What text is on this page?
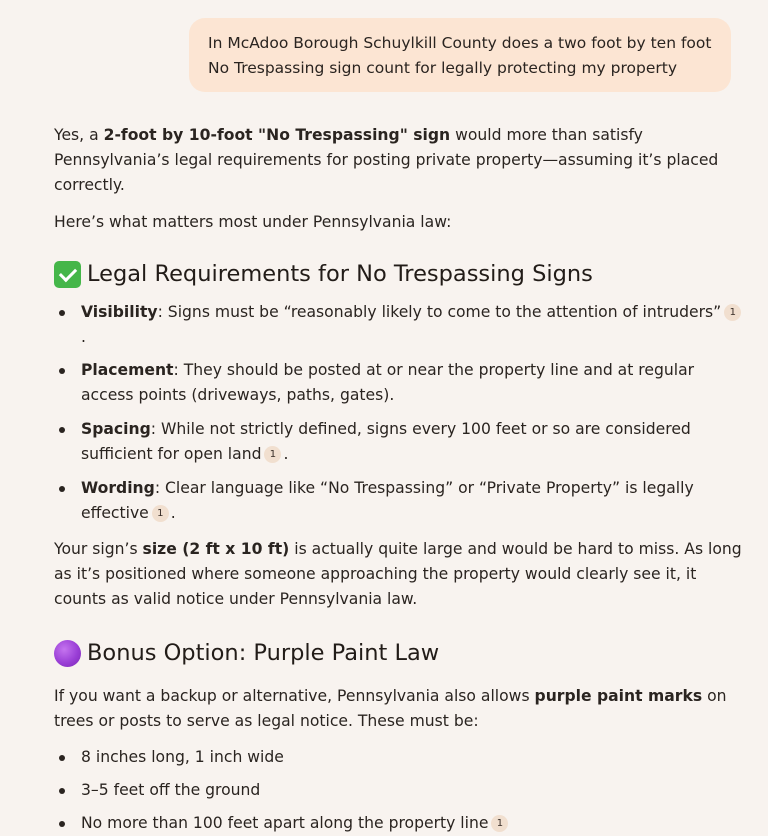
In McAdoo Borough Schuylkill County does a two foot by ten foot
No Trespassing sign count for legally protecting my property

Yes, a 2-foot by 10-foot "No Trespassing" sign would more than satisfy Pennsylvania’s legal requirements for posting private property—assuming it’s placed correctly.

Here’s what matters most under Pennsylvania law:

Legal Requirements for No Trespassing Signs
Visibility: Signs must be “reasonably likely to come to the attention of intruders” 1.
Placement: They should be posted at or near the property line and at regular access points (driveways, paths, gates).
Spacing: While not strictly defined, signs every 100 feet or so are considered sufficient for open land 1 .
Wording: Clear language like “No Trespassing” or “Private Property” is legally effective 1 .

Your sign’s size (2 ft x 10 ft) is actually quite large and would be hard to miss. As long as it’s positioned where someone approaching the property would clearly see it, it counts as valid notice under Pennsylvania law.

Bonus Option: Purple Paint Law

If you want a backup or alternative, Pennsylvania also allows purple paint marks on trees or posts to serve as legal notice. These must be:

8 inches long, 1 inch wide
3–5 feet off the ground
No more than 100 feet apart along the property line 1
